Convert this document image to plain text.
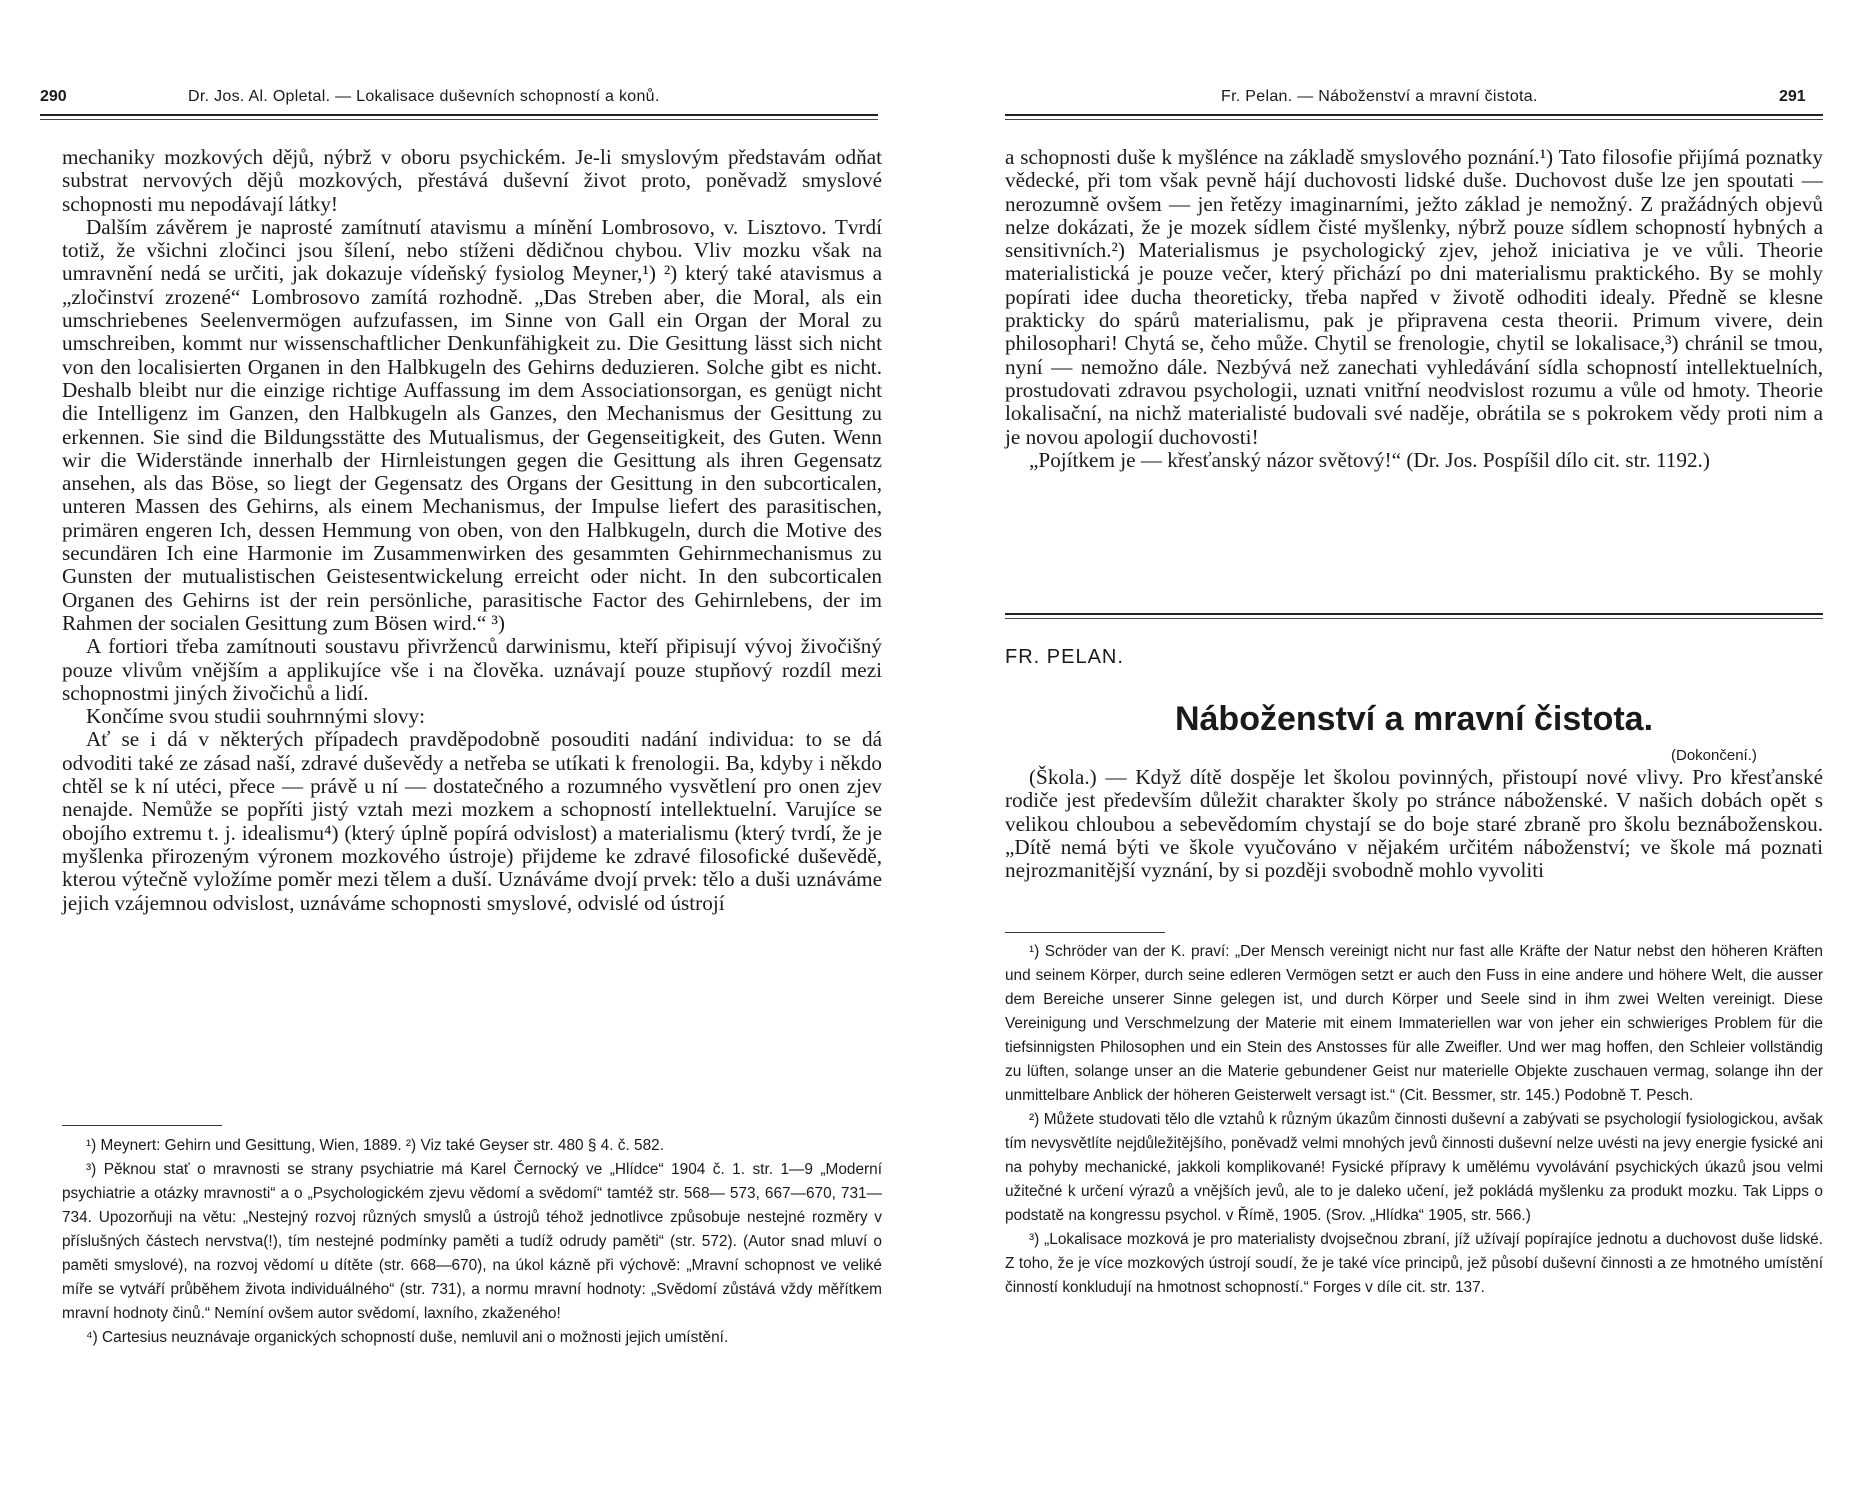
290	Dr. Jos. Al. Opletal. — Lokalisace duševních schopností a konů.

mechaniky mozkových dějů, nýbrž v oboru psychickém. Je-li smyslovým představám odňat substrat nervových dějů mozkových, přestává duševní život proto, poněvadž smyslové schopnosti mu nepodávají látky!

Dalším závěrem je naprosté zamítnutí atavismu a mínění Lombrosovo, v. Lisztovo. Tvrdí totiž, že všichni zločinci jsou šílení, nebo stíženi dědičnou chybou. Vliv mozku však na umravnění nedá se určiti, jak dokazuje vídeňský fysiolog Meyner,¹) ²) který také atavismus a „zločinství zrozené“ Lombrosovo zamítá rozhodně. „Das Streben aber, die Moral, als ein umschriebenes Seelenvermögen aufzufassen, im Sinne von Gall ein Organ der Moral zu umschreiben, kommt nur wissenschaftlicher Denkunfähigkeit zu. Die Gesittung lässt sich nicht von den localisierten Organen in den Halbkugeln des Gehirns deduzieren. Solche gibt es nicht. Deshalb bleibt nur die einzige richtige Auffassung im dem Associationsorgan, es genügt nicht die Intelligenz im Ganzen, den Halbkugeln als Ganzes, den Mechanismus der Gesittung zu erkennen. Sie sind die Bildungsstätte des Mutualismus, der Gegenseitigkeit, des Guten. Wenn wir die Widerstände innerhalb der Hirnleistungen gegen die Gesittung als ihren Gegensatz ansehen, als das Böse, so liegt der Gegensatz des Organs der Gesittung in den subcorticalen, unteren Massen des Gehirns, als einem Mechanismus, der Impulse liefert des parasitischen, primären engeren Ich, dessen Hemmung von oben, von den Halbkugeln, durch die Motive des secundären Ich eine Harmonie im Zusammenwirken des gesammten Gehirnmechanismus zu Gunsten der mutualistischen Geistesentwickelung erreicht oder nicht. In den subcorticalen Organen des Gehirns ist der rein persönliche, parasitische Factor des Gehirnlebens, der im Rahmen der socialen Gesittung zum Bösen wird.“ ³)

A fortiori třeba zamítnouti soustavu přivrženců darwinismu, kteří připisují vývoj živočišný pouze vlivům vnějším a applikujíce vše i na člověka. uznávají pouze stupňový rozdíl mezi schopnostmi jiných živočichů a lidí.

Končíme svou studii souhrnnými slovy:

Ať se i dá v některých případech pravděpodobně posouditi nadání individua: to se dá odvoditi také ze zásad naší, zdravé duševědy a netřeba se utíkati k frenologii. Ba, kdyby i někdo chtěl se k ní utéci, přece — právě u ní — dostatečného a rozumného vysvětlení pro onen zjev nenajde. Nemůže se popříti jistý vztah mezi mozkem a schopností intellektuelní. Varujíce se obojího extremu t. j. idealismu⁴) (který úplně popírá odvislost) a materialismu (který tvrdí, že je myšlenka přirozeným výronem mozkového ústroje) přijdeme ke zdravé filosofické duševědě, kterou výtečně vyložíme poměr mezi tělem a duší. Uznáváme dvojí prvek: tělo a duši uznáváme jejich vzájemnou odvislost, uznáváme schopnosti smyslové, odvislé od ústrojí

¹) Meynert: Gehirn und Gesittung, Wien, 1889. ²) Viz také Geyser str. 480 § 4. č. 582.

³) Pěknou stať o mravnosti se strany psychiatrie má Karel Černocký ve „Hlídce“ 1904 č. 1. str. 1—9 „Moderní psychiatrie a otázky mravnosti“ a o „Psychologickém zjevu vědomí a svědomí“ tamtéž str. 568— 573, 667—670, 731—734. Upozorňuji na větu: „Nestejný rozvoj různých smyslů a ústrojů téhož jednotlivce způsobuje nestejné rozměry v příslušných částech nervstva(!), tím nestejné podmínky paměti a tudíž odrudy paměti“ (str. 572). (Autor snad mluví o paměti smyslové), na rozvoj vědomí u dítěte (str. 668—670), na úkol kázně při výchově: „Mravní schopnost ve veliké míře se vytváří průběhem života individuálného“ (str. 731), a normu mravní hodnoty: „Svědomí zůstává vždy měřítkem mravní hodnoty činů.“ Nemíní ovšem autor svědomí, laxního, zkaženého!

⁴) Cartesius neuznávaje organických schopností duše, nemluvil ani o možnosti jejich umístění.

Fr. Pelan. — Náboženství a mravní čistota.	291

a schopnosti duše k myšlénce na základě smyslového poznání.¹) Tato filosofie přijímá poznatky vědecké, při tom však pevně hájí duchovosti lidské duše. Duchovost duše lze jen spoutati — nerozumně ovšem — jen řetězy imaginarními, ježto základ je nemožný. Z pražádných objevů nelze dokázati, že je mozek sídlem čisté myšlenky, nýbrž pouze sídlem schopností hybných a sensitivních.²) Materialismus je psychologický zjev, jehož iniciativa je ve vůli. Theorie materialistická je pouze večer, který přichází po dni materialismu praktického. By se mohly popírati idee ducha theoreticky, třeba napřed v životě odhoditi idealy. Předně se klesne prakticky do spárů materialismu, pak je připravena cesta theorii. Primum vivere, dein philosophari! Chytá se, čeho může. Chytil se frenologie, chytil se lokalisace,³) chránil se tmou, nyní — nemožno dále. Nezbývá než zanechati vyhledávání sídla schopností intellektuelních, prostudovati zdravou psychologii, uznati vnitřní neodvislost rozumu a vůle od hmoty. Theorie lokalisační, na nichž materialisté budovali své naděje, obrátila se s pokrokem vědy proti nim a je novou apologií duchovosti!

„Pojítkem je — křesťanský názor světový!“ (Dr. Jos. Pospíšil dílo cit. str. 1192.)

FR. PELAN.
Náboženství a mravní čistota.
(Dokončení.)

(Škola.) — Když dítě dospěje let školou povinných, přistoupí nové vlivy. Pro křesťanské rodiče jest především důležit charakter školy po stránce náboženské. V našich dobách opět s velikou chloubou a sebevědomím chystají se do boje staré zbraně pro školu beznáboženskou. „Dítě nemá býti ve škole vyučováno v nějakém určitém náboženství; ve škole má poznati nejrozmanitější vyznání, by si později svobodně mohlo vyvoliti

¹) Schröder van der K. praví: „Der Mensch vereinigt nicht nur fast alle Kräfte der Natur nebst den höheren Kräften und seinem Körper, durch seine edleren Vermögen setzt er auch den Fuss in eine andere und höhere Welt, die ausser dem Bereiche unserer Sinne gelegen ist, und durch Körper und Seele sind in ihm zwei Welten vereinigt. Diese Vereinigung und Verschmelzung der Materie mit einem Immateriellen war von jeher ein schwieriges Problem für die tiefsinnigsten Philosophen und ein Stein des Anstosses für alle Zweifler. Und wer mag hoffen, den Schleier vollständig zu lüften, solange unser an die Materie gebundener Geist nur materielle Objekte zuschauen vermag, solange ihn der unmittelbare Anblick der höheren Geisterwelt versagt ist.“ (Cit. Bessmer, str. 145.) Podobně T. Pesch.

²) Můžete studovati tělo dle vztahů k různým úkazům činnosti duševní a zabývati se psychologií fysiologickou, avšak tím nevysvětlíte nejdůležitějšího, poněvadž velmi mnohých jevů činnosti duševní nelze uvésti na jevy energie fysické ani na pohyby mechanické, jakkoli komplikované! Fysické přípravy k umělému vyvolávání psychických úkazů jsou velmi užitečné k určení výrazů a vnějších jevů, ale to je daleko učení, jež pokládá myšlenku za produkt mozku. Tak Lipps o podstatě na kongressu psychol. v Římě, 1905. (Srov. „Hlídka“ 1905, str. 566.)

³) „Lokalisace mozková je pro materialisty dvojsečnou zbraní, jíž užívají popírajíce jednotu a duchovost duše lidské. Z toho, že je více mozkových ústrojí soudí, že je také více principů, jež působí duševní činnosti a ze hmotného umístění činností konkludují na hmotnost schopností.“ Forges v díle cit. str. 137.
